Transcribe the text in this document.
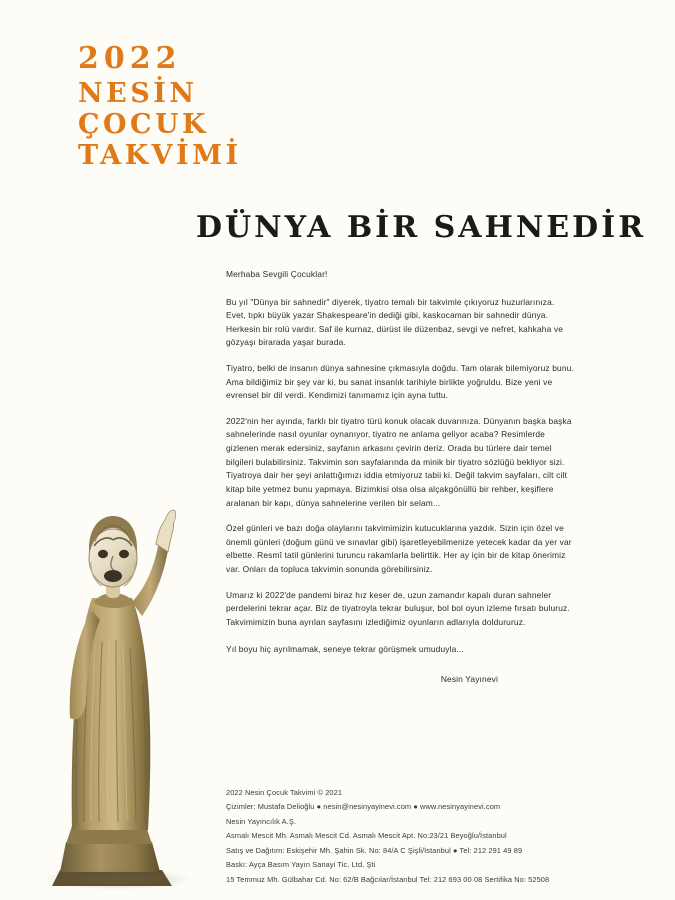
2022
NESİN
ÇOCUK
TAKVİMİ
DÜNYA BİR SAHNEDİR

Merhaba Sevgili Çocuklar!

Bu yıl "Dünya bir sahnedir" diyerek, tiyatro temalı bir takvimle çıkıyoruz huzurlarınıza. Evet, tıpkı büyük yazar Shakespeare'in dediği gibi, kaskocaman bir sahnedir dünya. Herkesin bir rolü vardır. Saf ile kurnaz, dürüst ile düzenbaz, sevgi ve nefret, kahkaha ve gözyaşı birarada yaşar burada.

Tiyatro, belki de insanın dünya sahnesine çıkmasıyla doğdu. Tam olarak bilemiyoruz bunu. Ama bildiğimiz bir şey var ki, bu sanat insanlık tarihiyle birlikte yoğruldu. Bize yeni ve evrensel bir dil verdi. Kendimizi tanımamız için ayna tuttu.

2022'nin her ayında, farklı bir tiyatro türü konuk olacak duvarınıza. Dünyanın başka başka sahnelerinde nasıl oyunlar oynanıyor, tiyatro ne anlama geliyor acaba? Resimlerde gizlenen merak edersiniz, sayfanın arkasını çevirin deriz. Orada bu türlere dair temel bilgileri bulabilirsiniz. Takvimin son sayfalarında da minik bir tiyatro sözlüğü bekliyor sizi. Tiyatroya dair her şeyi anlattığımızı iddia etmiyoruz tabii ki. Değil takvim sayfaları, cilt cilt kitap bile yetmez bunu yapmaya. Bizimkisi olsa olsa alçakgönüllü bir rehber, keşiflere aralanan bir kapı, dünya sahnelerine verilen bir selam...

Özel günleri ve bazı doğa olaylarını takvimimizin kutucuklarına yazdık. Sizin için özel ve önemli günleri (doğum günü ve sınavlar gibi) işaretleyebilmenize yetecek kadar da yer var elbette. Resmî tatil günlerini turuncu rakamlarla belirttik. Her ay için bir de kitap önerimiz var. Onları da topluca takvimin sonunda görebilirsiniz.

Umarız ki 2022'de pandemi biraz hız keser de, uzun zamandır kapalı duran sahneler perdelerini tekrar açar. Biz de tiyatroyla tekrar buluşur, bol bol oyun izleme fırsatı buluruz. Takvimimizin buna ayrılan sayfasını izlediğimiz oyunların adlarıyla doldururuz.

Yıl boyu hiç ayrılmamak, seneye tekrar görüşmek umuduyla...

Nesin Yayınevi

2022 Nesin Çocuk Takvimi © 2021
Çizimler: Mustafa Delioğlu ● nesin@nesinyayinevi.com ● www.nesinyayinevi.com
Nesin Yayıncılık A.Ş.
Asmalı Mescit Mh. Asmalı Mescit Cd. Asmalı Mescit Apt. No:23/21 Beyoğlu/İstanbul
Satış ve Dağıtım: Eskişehir Mh. Şahin Sk. No: 84/A C Şişli/İstanbul ● Tel: 212 291 49 89
Baskı: Ayça Basım Yayın Sanayi Tic. Ltd. Şti
15 Temmuz Mh. Gülbahar Cd. No: 62/B Bağcılar/İstanbul Tel: 212 693 00 08 Sertifika No: 52508
